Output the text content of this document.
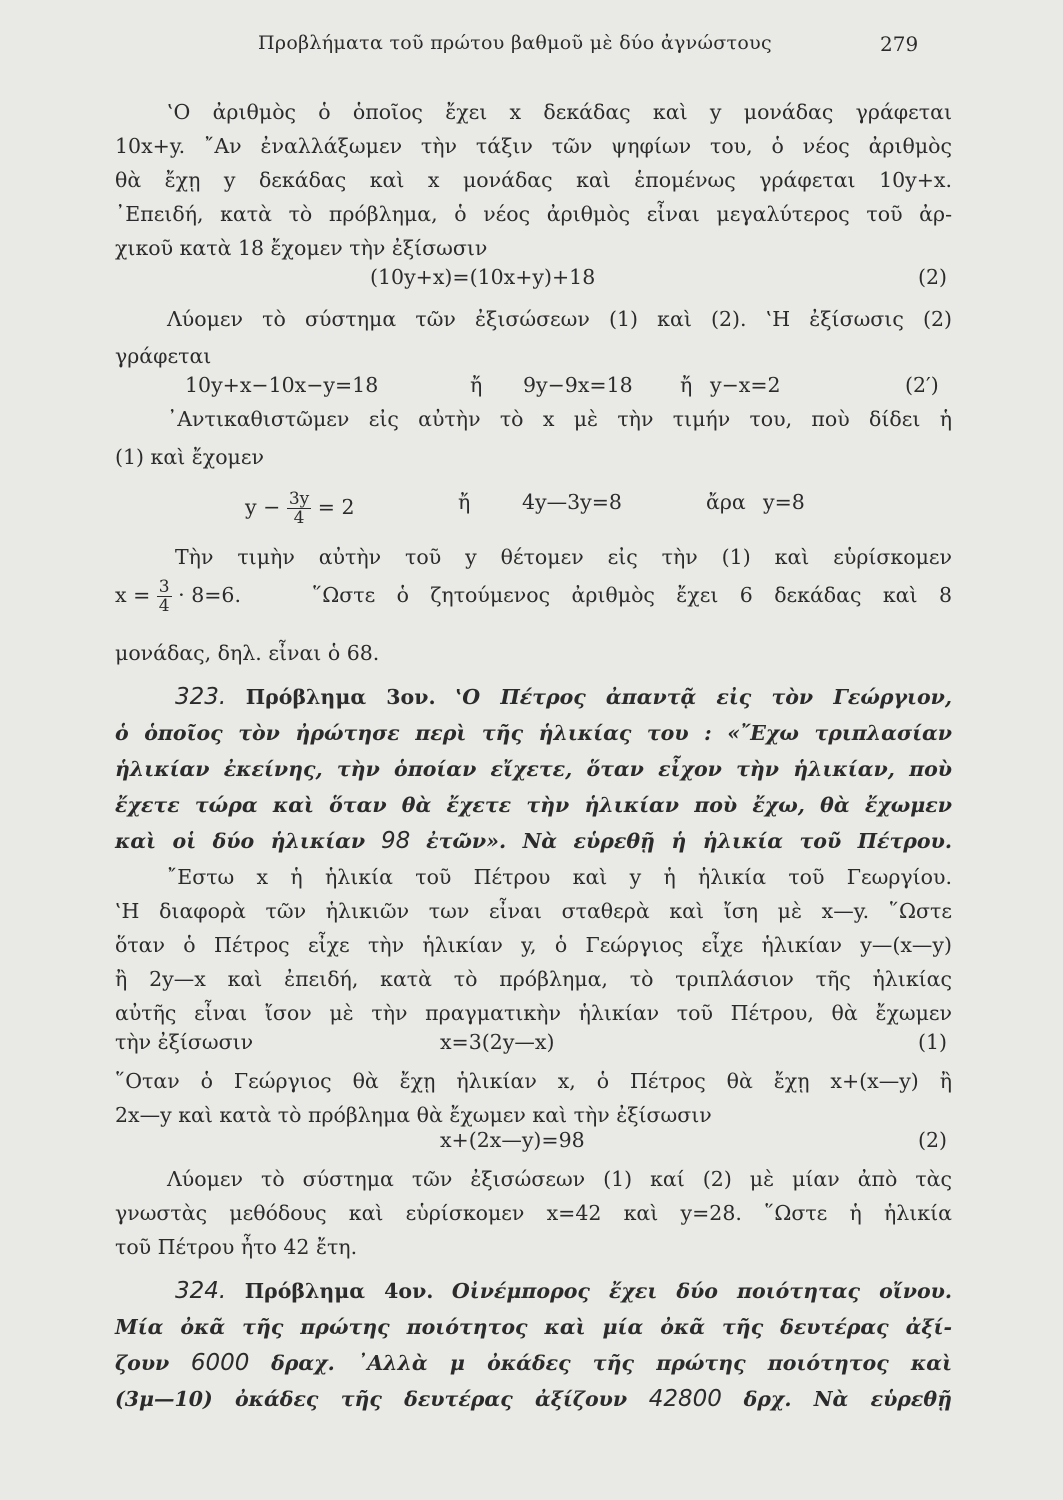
Προβλήματα τοῦ πρώτου βαθμοῦ μὲ δύο ἀγνώστους	279
‛Ο ἀριθμὸς ὁ ὁποῖος ἔχει x δεκάδας καὶ y μονάδας γράφεται
10x+y. ῎Αν ἐναλλάξωμεν τὴν τάξιν τῶν ψηφίων του, ὁ νέος ἀριθμὸς
θὰ ἔχῃ y δεκάδας καὶ x μονάδας καὶ ἑπομένως γράφεται 10y+x.
᾽Επειδή, κατὰ τὸ πρόβλημα, ὁ νέος ἀριθμὸς εἶναι μεγαλύτερος τοῦ ἀρ-
χικοῦ κατὰ 18 ἔχομεν τὴν ἐξίσωσιν
(10y+x)=(10x+y)+18	(2)
Λύομεν τὸ σύστημα τῶν ἐξισώσεων (1) καὶ (2). ‛Η ἐξίσωσις (2)
γράφεται
10y+x−10x−y=18	ἤ 9y−9x=18 ἤ y−x=2	(2′)
᾽Αντικαθιστῶμεν εἰς αὐτὴν τὸ x μὲ τὴν τιμήν του, ποὺ δίδει ἡ
(1) καὶ ἔχομεν
$y - \frac{3y}{4} = 2$	ἤ	4y—3y=8	ἄρα y=8
Τὴν τιμὴν αὐτὴν τοῦ y θέτομεν εἰς τὴν (1) καὶ εὑρίσκομεν
$x = \frac{3}{4} \cdot 8=6$.	῞Ωστε ὁ ζητούμενος ἀριθμὸς ἔχει 6 δεκάδας καὶ 8
μονάδας, δηλ. εἶναι ὁ 68.
323. Πρόβλημα 3ον. ‛Ο Πέτρος ἀπαντᾷ εἰς τὸν Γεώργιον,
ὁ ὁποῖος τὸν ἠρώτησε περὶ τῆς ἡλικίας του : «῎Εχω τριπλασίαν
ἡλικίαν ἐκείνης, τὴν ὁποίαν εἴχετε, ὅταν εἶχον τὴν ἡλικίαν, ποὺ
ἔχετε τώρα καὶ ὅταν θὰ ἔχετε τὴν ἡλικίαν ποὺ ἔχω, θὰ ἔχωμεν
καὶ οἱ δύο ἡλικίαν 98 ἐτῶν». Νὰ εὑρεθῇ ἡ ἡλικία τοῦ Πέτρου.
῎Εστω x ἡ ἡλικία τοῦ Πέτρου καὶ y ἡ ἡλικία τοῦ Γεωργίου.
‛Η διαφορὰ τῶν ἡλικιῶν των εἶναι σταθερὰ καὶ ἴση μὲ x—y. ῞Ωστε
ὅταν ὁ Πέτρος εἶχε τὴν ἡλικίαν y, ὁ Γεώργιος εἶχε ἡλικίαν y—(x—y)
ἢ 2y—x καὶ ἐπειδή, κατὰ τὸ πρόβλημα, τὸ τριπλάσιον τῆς ἡλικίας
αὐτῆς εἶναι ἴσον μὲ τὴν πραγματικὴν ἡλικίαν τοῦ Πέτρου, θὰ ἔχωμεν
τὴν ἐξίσωσιν	x=3(2y—x)	(1)
῞Οταν ὁ Γεώργιος θὰ ἔχῃ ἡλικίαν x, ὁ Πέτρος θὰ ἔχῃ x+(x—y) ἢ
2x—y καὶ κατὰ τὸ πρόβλημα θὰ ἔχωμεν καὶ τὴν ἐξίσωσιν
x+(2x—y)=98	(2)
Λύομεν τὸ σύστημα τῶν ἐξισώσεων (1) καί (2) μὲ μίαν ἀπὸ τὰς
γνωστὰς μεθόδους καὶ εὑρίσκομεν x=42 καὶ y=28. ῞Ωστε ἡ ἡλικία
τοῦ Πέτρου ἦτο 42 ἔτη.
324. Πρόβλημα 4ον. Οἰνέμπορος ἔχει δύο ποιότητας οἴνου.
Μία ὀκᾶ τῆς πρώτης ποιότητος καὶ μία ὀκᾶ τῆς δευτέρας ἀξί-
ζουν 6000 δραχ. ᾽Αλλὰ μ ὀκάδες τῆς πρώτης ποιότητος καὶ
(3μ—10) ὀκάδες τῆς δευτέρας ἀξίζουν 42800 δρχ. Νὰ εὑρεθῇ
